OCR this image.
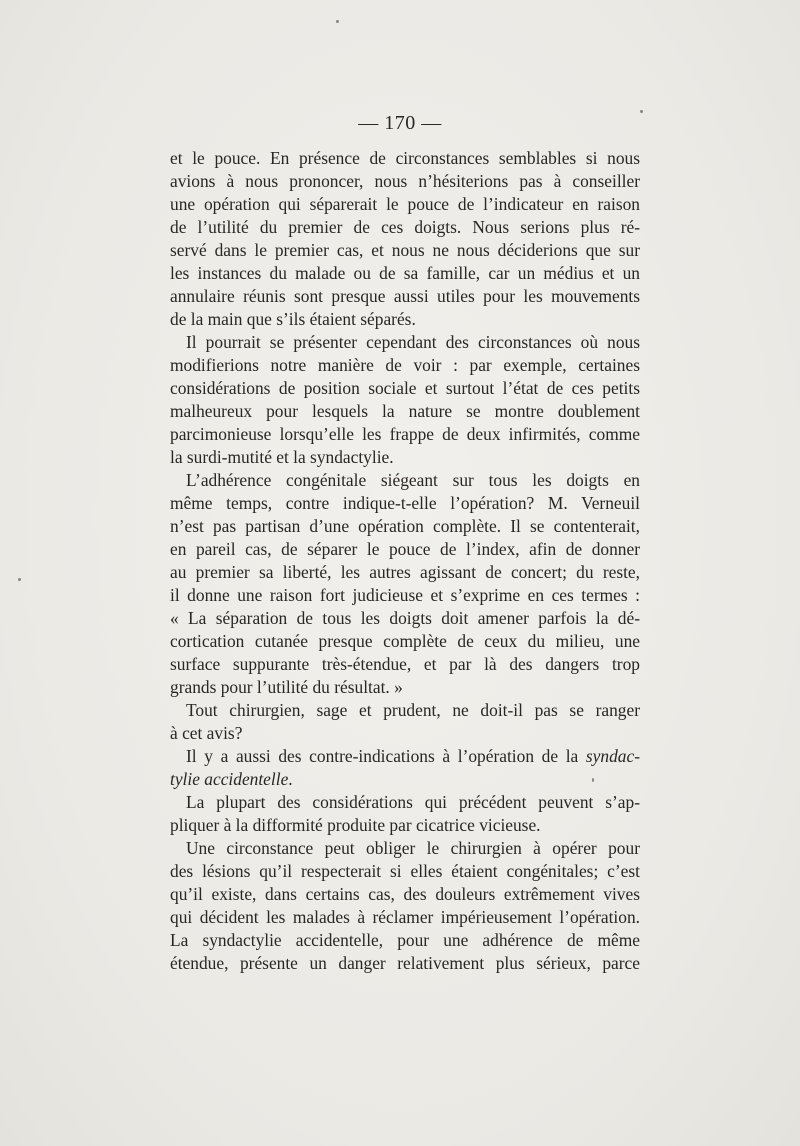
— 170 —
et le pouce. En présence de circonstances semblables si nous
avions à nous prononcer, nous n’hésiterions pas à conseiller
une opération qui séparerait le pouce de l’indicateur en raison
de l’utilité du premier de ces doigts. Nous serions plus ré-
servé dans le premier cas, et nous ne nous déciderions que sur
les instances du malade ou de sa famille, car un médius et un
annulaire réunis sont presque aussi utiles pour les mouvements
de la main que s’ils étaient séparés.
Il pourrait se présenter cependant des circonstances où nous
modifierions notre manière de voir : par exemple, certaines
considérations de position sociale et surtout l’état de ces petits
malheureux pour lesquels la nature se montre doublement
parcimonieuse lorsqu’elle les frappe de deux infirmités, comme
la surdi-mutité et la syndactylie.
L’adhérence congénitale siégeant sur tous les doigts en
même temps, contre indique-t-elle l’opération? M. Verneuil
n’est pas partisan d’une opération complète. Il se contenterait,
en pareil cas, de séparer le pouce de l’index, afin de donner
au premier sa liberté, les autres agissant de concert; du reste,
il donne une raison fort judicieuse et s’exprime en ces termes :
« La séparation de tous les doigts doit amener parfois la dé-
cortication cutanée presque complète de ceux du milieu, une
surface suppurante très-étendue, et par là des dangers trop
grands pour l’utilité du résultat. »
Tout chirurgien, sage et prudent, ne doit-il pas se ranger
à cet avis?
Il y a aussi des contre-indications à l’opération de la syndac-
tylie accidentelle.
La plupart des considérations qui précédent peuvent s’ap-
pliquer à la difformité produite par cicatrice vicieuse.
Une circonstance peut obliger le chirurgien à opérer pour
des lésions qu’il respecterait si elles étaient congénitales; c’est
qu’il existe, dans certains cas, des douleurs extrêmement vives
qui décident les malades à réclamer impérieusement l’opération.
La syndactylie accidentelle, pour une adhérence de même
étendue, présente un danger relativement plus sérieux, parce
